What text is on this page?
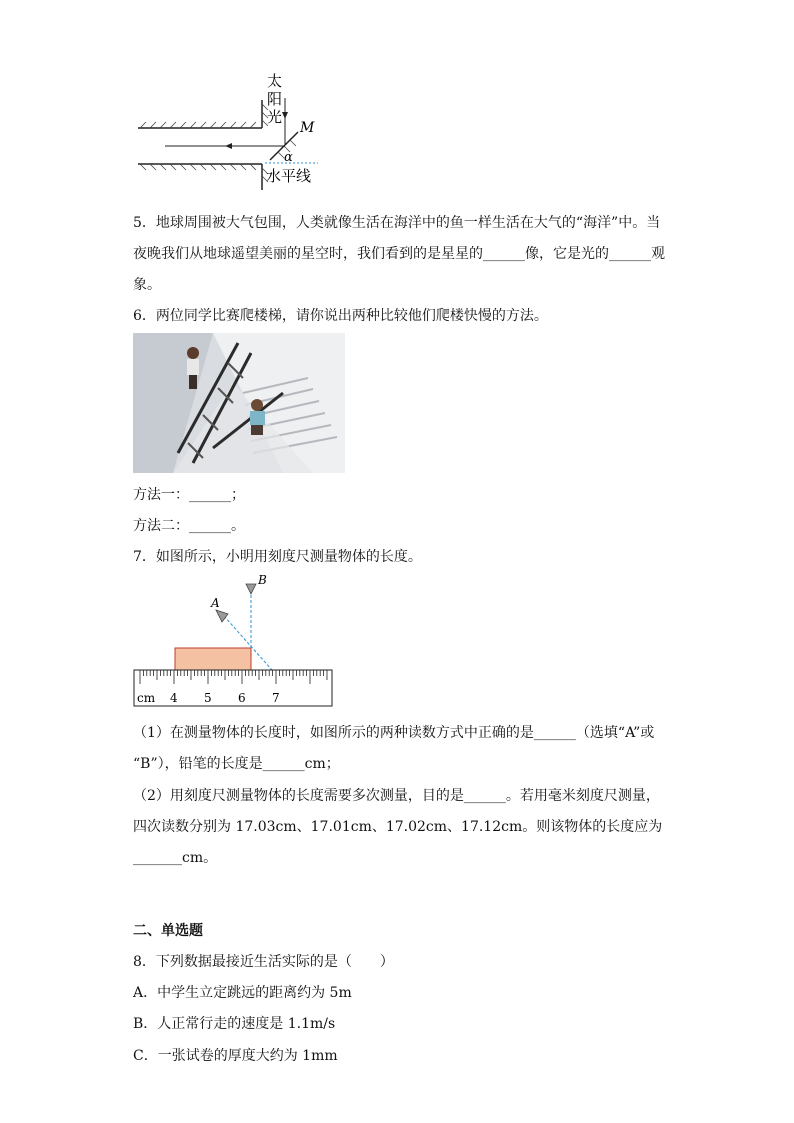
太
阳
光
M
α
水平线
5．地球周围被大气包围，人类就像生活在海洋中的鱼一样生活在大气的“海洋”中。当
夜晚我们从地球遥望美丽的星空时，我们看到的是星星的______像，它是光的______观
象。
6．两位同学比赛爬楼梯，请你说出两种比较他们爬楼快慢的方法。
方法一：______；
方法二：______。
7．如图所示，小明用刻度尺测量物体的长度。
A
B
cm 4 5 6 7
（1）在测量物体的长度时，如图所示的两种读数方式中正确的是______（选填“A”或
“B”），铅笔的长度是______cm；
（2）用刻度尺测量物体的长度需要多次测量，目的是______。若用毫米刻度尺测量，
四次读数分别为 17.03cm、17.01cm、17.02cm、17.12cm。则该物体的长度应为
_______cm。
二、单选题
8．下列数据最接近生活实际的是（　　）
A．中学生立定跳远的距离约为 5m
B．人正常行走的速度是 1.1m/s
C．一张试卷的厚度大约为 1mm
